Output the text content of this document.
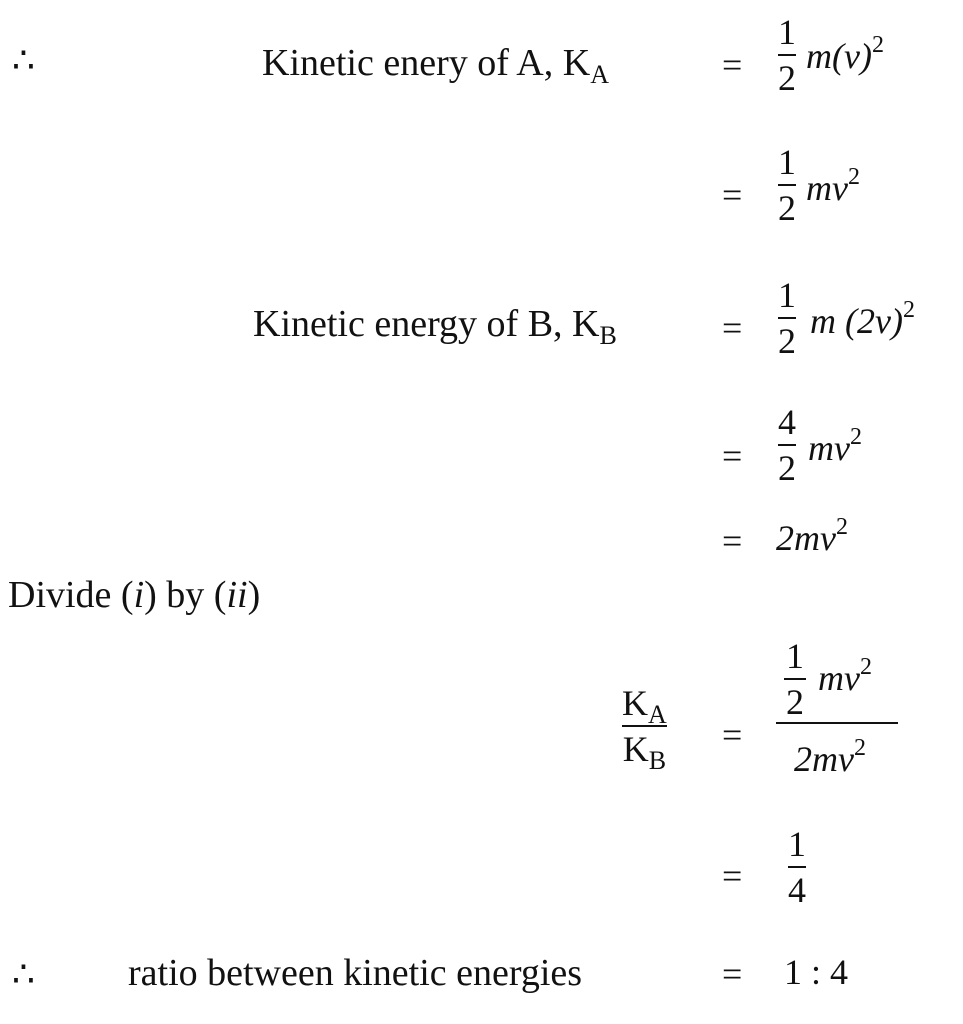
∴	Kinetic enery of A, $K_A$	=
1
2
$m(v)^2$
=
1
2 $mv^2$
Kinetic energy of B, $K_B$	=
1
2 m $(2v)^2$
=
4
2 $mv^2$
= $2mv^2$
Divide (i) by (ii)
$K_A$
$K_B$
=
1
2
$mv^2$
$2mv^2$
=
1
4
∴ ratio between kinetic energies	= 1 : 4
